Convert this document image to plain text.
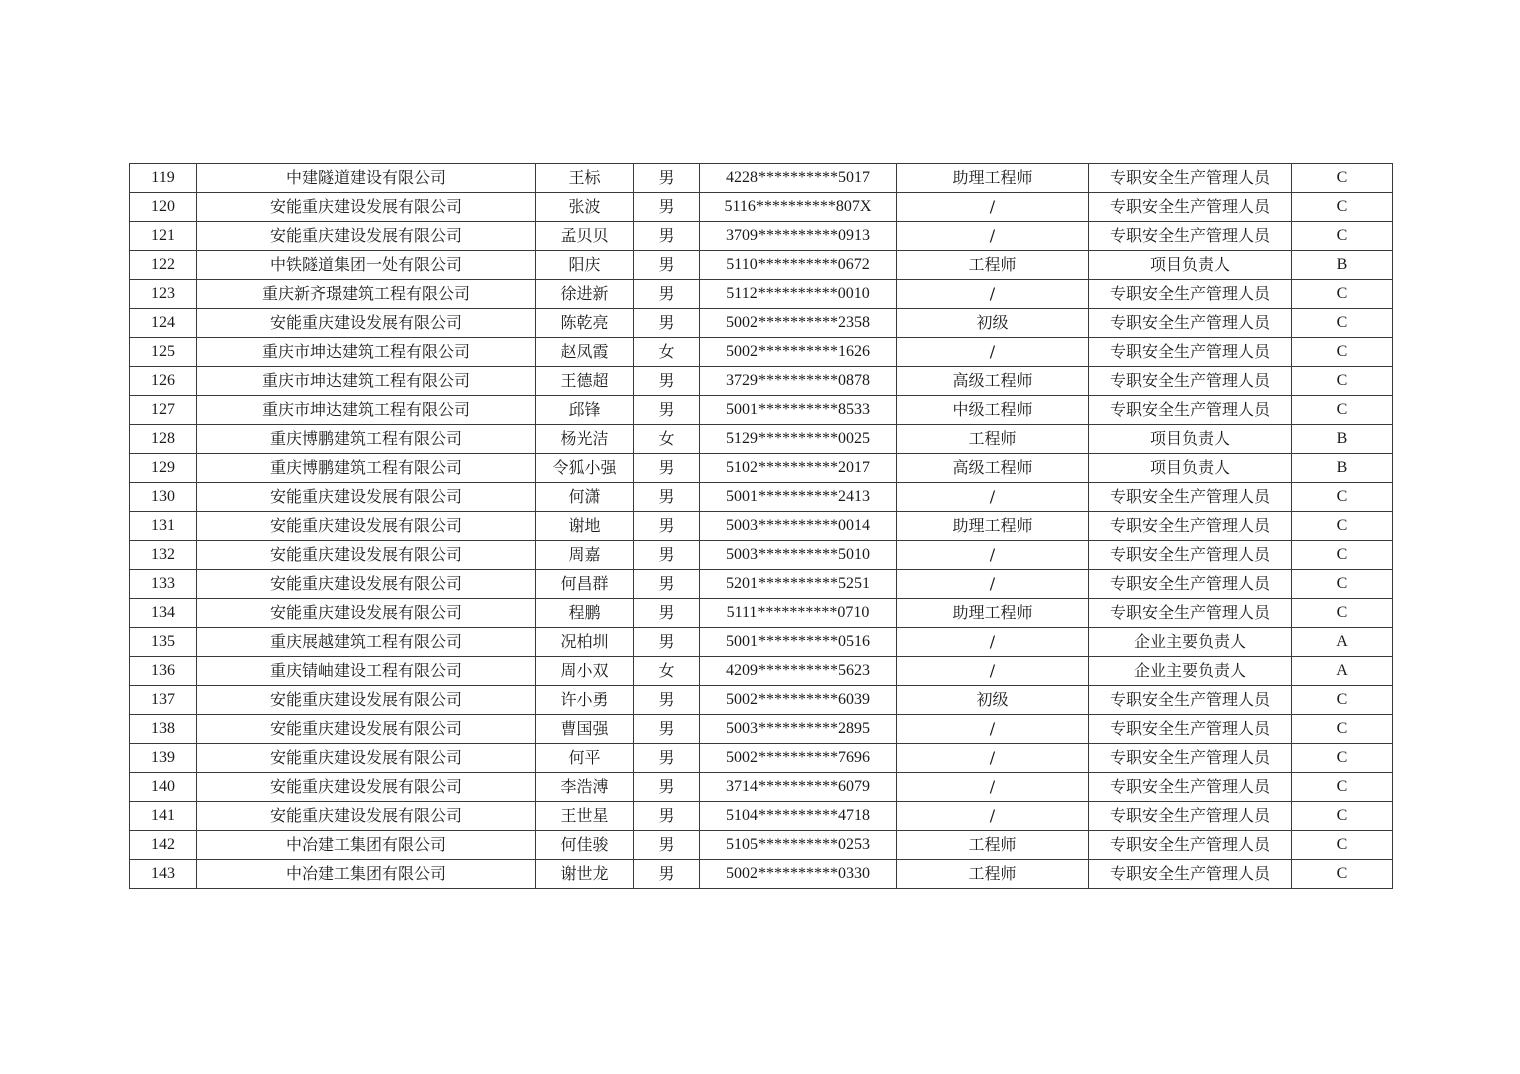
119	中建隧道建设有限公司	王标	男	4228**********5017	助理工程师	专职安全生产管理人员	C
120	安能重庆建设发展有限公司	张波	男	5116**********807X	/	专职安全生产管理人员	C
121	安能重庆建设发展有限公司	孟贝贝	男	3709**********0913	/	专职安全生产管理人员	C
122	中铁隧道集团一处有限公司	阳庆	男	5110**********0672	工程师	项目负责人	B
123	重庆新齐璟建筑工程有限公司	徐进新	男	5112**********0010	/	专职安全生产管理人员	C
124	安能重庆建设发展有限公司	陈乾亮	男	5002**********2358	初级	专职安全生产管理人员	C
125	重庆市坤达建筑工程有限公司	赵凤霞	女	5002**********1626	/	专职安全生产管理人员	C
126	重庆市坤达建筑工程有限公司	王德超	男	3729**********0878	高级工程师	专职安全生产管理人员	C
127	重庆市坤达建筑工程有限公司	邱锋	男	5001**********8533	中级工程师	专职安全生产管理人员	C
128	重庆博鹏建筑工程有限公司	杨光洁	女	5129**********0025	工程师	项目负责人	B
129	重庆博鹏建筑工程有限公司	令狐小强	男	5102**********2017	高级工程师	项目负责人	B
130	安能重庆建设发展有限公司	何潇	男	5001**********2413	/	专职安全生产管理人员	C
131	安能重庆建设发展有限公司	谢地	男	5003**********0014	助理工程师	专职安全生产管理人员	C
132	安能重庆建设发展有限公司	周嘉	男	5003**********5010	/	专职安全生产管理人员	C
133	安能重庆建设发展有限公司	何昌群	男	5201**********5251	/	专职安全生产管理人员	C
134	安能重庆建设发展有限公司	程鹏	男	5111**********0710	助理工程师	专职安全生产管理人员	C
135	重庆展越建筑工程有限公司	况柏圳	男	5001**********0516	/	企业主要负责人	A
136	重庆锖岫建设工程有限公司	周小双	女	4209**********5623	/	企业主要负责人	A
137	安能重庆建设发展有限公司	许小勇	男	5002**********6039	初级	专职安全生产管理人员	C
138	安能重庆建设发展有限公司	曹国强	男	5003**********2895	/	专职安全生产管理人员	C
139	安能重庆建设发展有限公司	何平	男	5002**********7696	/	专职安全生产管理人员	C
140	安能重庆建设发展有限公司	李浩溥	男	3714**********6079	/	专职安全生产管理人员	C
141	安能重庆建设发展有限公司	王世星	男	5104**********4718	/	专职安全生产管理人员	C
142	中冶建工集团有限公司	何佳骏	男	5105**********0253	工程师	专职安全生产管理人员	C
143	中冶建工集团有限公司	谢世龙	男	5002**********0330	工程师	专职安全生产管理人员	C
